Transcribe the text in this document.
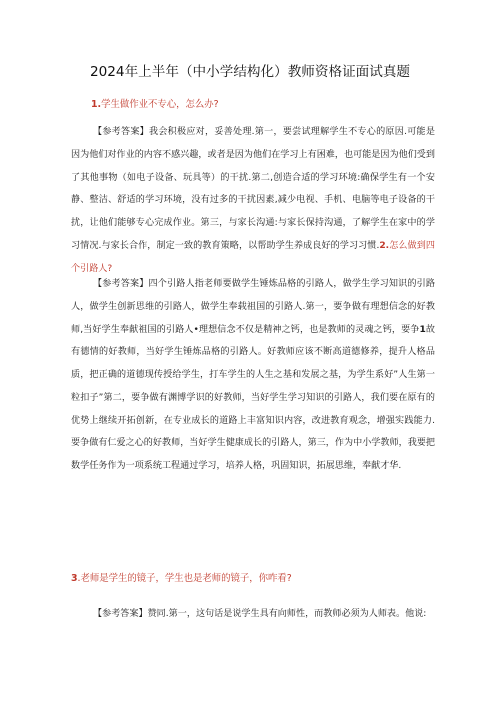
2024年上半年（中小学结构化）教师资格证面试真题
1.学生做作业不专心，怎么办?
【参考答案】我会积极应对，妥善处理.第一，要尝试理解学生不专心的原因.可能是因为他们对作业的内容不感兴趣，或者是因为他们在学习上有困难，也可能是因为他们受到了其他事物（如电子设备、玩具等）的干扰.第二,创造合适的学习环境:确保学生有一个安静、整洁、舒适的学习环境，没有过多的干扰因素,减少电视、手机、电脑等电子设备的干扰，让他们能够专心完成作业。第三，与家长沟通:与家长保持沟通，了解学生在家中的学习情况.与家长合作，制定一致的教育策略，以帮助学生养成良好的学习习惯.2.怎么做到四个引路人?
【参考答案】四个引路人指老师要做学生锤炼品格的引路人，做学生学习知识的引路人，做学生创新思维的引路人，做学生奉载祖国的引路人.第一，要争做有理想信念的好教师,当好学生奉献祖国的引路人•理想信念不仅是精神之钙，也是教师的灵魂之钙，要争1故有德情的好教师，当好学生锤炼品格的引路人。好教师应该不断高道德修养，提升人格品质，把正确的道德现传授给学生，打车学生的人生之基和发展之基，为学生系好”人生第一粒扣子”第二，要争做有渊博学识的好教师，当好学生学习知识的引路人，我们要在原有的优势上继续开拓创新，在专业成长的道路上丰富知识内容，改进教育观念，增强实践能力.要争做有仁爱之心的好教师，当好学生健康成长的引路人，第三，作为中小学教师，我要把数学任务作为一项系统工程通过学习，培养人格，巩固知识，拓展思维，奉献才华.
3.老师是学生的镜子，学生也是老师的镜子，你咋看?
【参考答案】赞同.第一，这句话是说学生具有向师性，而教师必须为人师表。他说:
